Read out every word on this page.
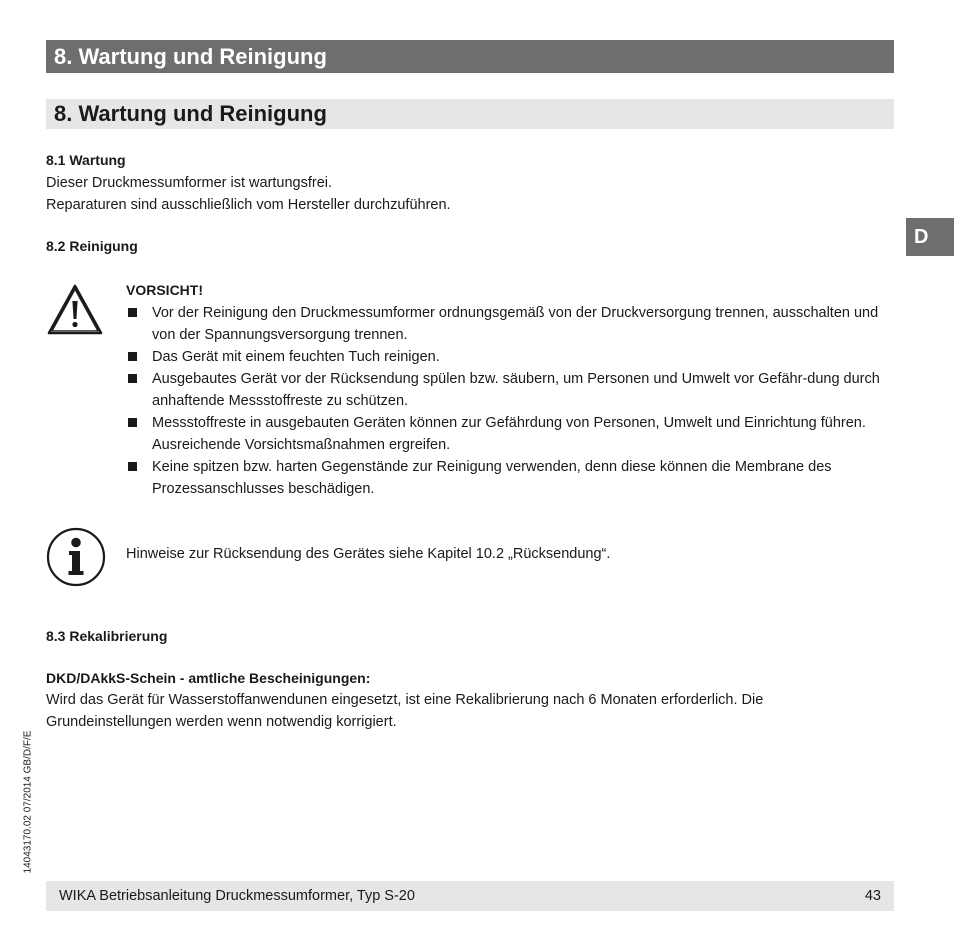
8. Wartung und Reinigung
8. Wartung und Reinigung
D
8.1 Wartung
Dieser Druckmessumformer ist wartungsfrei.
Reparaturen sind ausschließlich vom Hersteller durchzuführen.
8.2 Reinigung
VORSICHT!
Vor der Reinigung den Druckmessumformer ordnungsgemäß von der Druckversorgung trennen, ausschalten und von der Spannungsversorgung trennen.
Das Gerät mit einem feuchten Tuch reinigen.
Ausgebautes Gerät vor der Rücksendung spülen bzw. säubern, um Personen und Umwelt vor Gefähr-dung durch anhaftende Messstoffreste zu schützen.
Messstoffreste in ausgebauten Geräten können zur Gefährdung von Personen, Umwelt und Einrichtung führen. Ausreichende Vorsichtsmaßnahmen ergreifen.
Keine spitzen bzw. harten Gegenstände zur Reinigung verwenden, denn diese können die Membrane des Prozessanschlusses beschädigen.
Hinweise zur Rücksendung des Gerätes siehe Kapitel 10.2 „Rücksendung“.
8.3 Rekalibrierung
DKD/DAkkS-Schein - amtliche Bescheinigungen:
Wird das Gerät für Wasserstoffanwendunen eingesetzt, ist eine Rekalibrierung nach 6 Monaten erforderlich. Die
Grundeinstellungen werden wenn notwendig korrigiert.
14043170.02 07/2014 GB/D/F/E
WIKA Betriebsanleitung Druckmessumformer, Typ S-20	43
